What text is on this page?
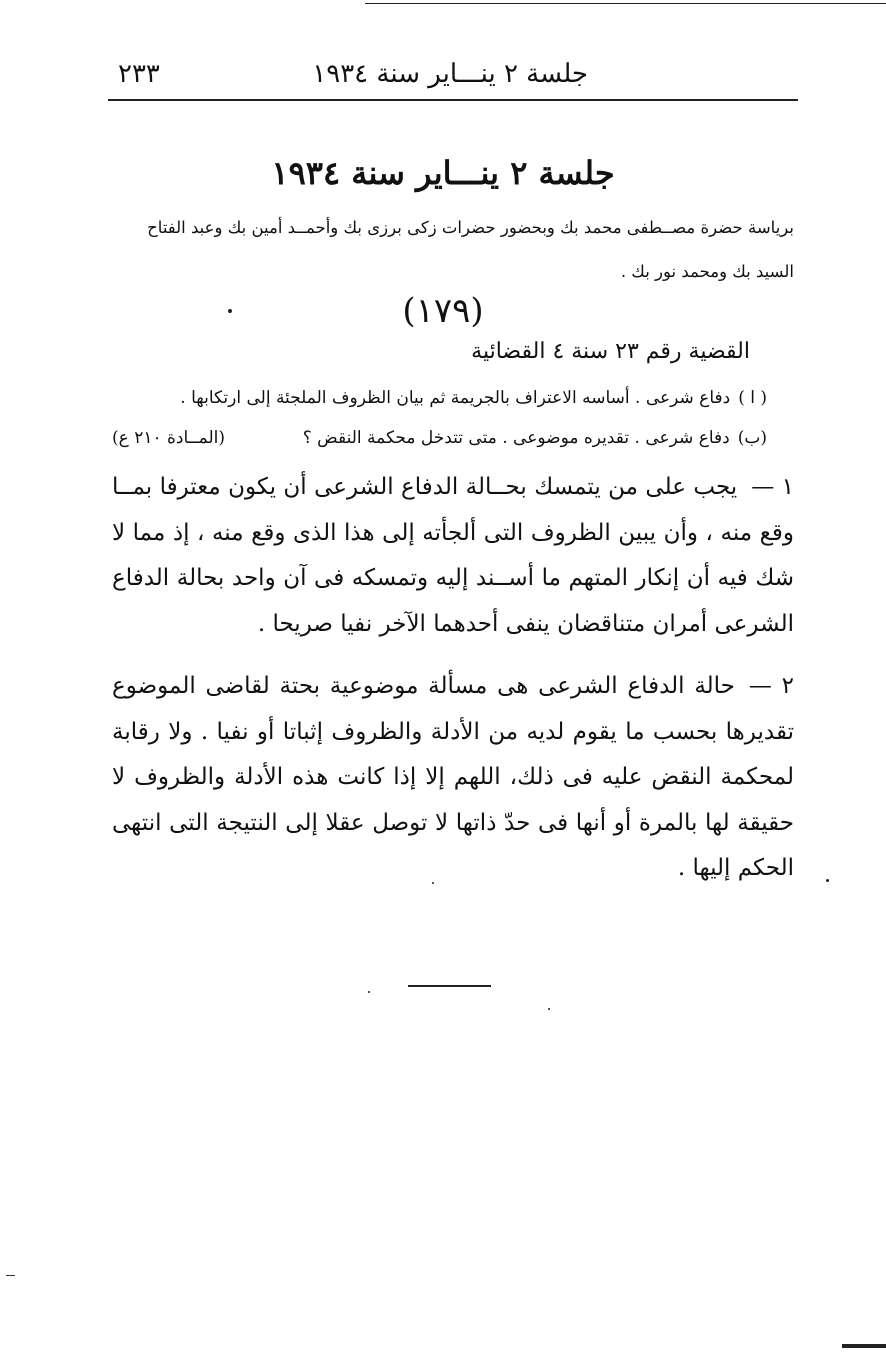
جلسة ٢ ينـــاير سنة ١٩٣٤
٢٣٣
جلسة ٢ ينـــاير سنة ١٩٣٤

برياسة حضرة مصــطفى محمد بك وبحضور حضرات زكى برزى بك وأحمــد أمين بك وعبد الفتاح السيد بك ومحمد نور بك .

(١٧٩)
القضية رقم ٢٣ سنة ٤ القضائية
( ا )دفاع شرعى . أساسه الاعتراف بالجريمة ثم بيان الظروف الملجئة إلى ارتكابها .
(ب)دفاع شرعى . تقديره موضوعى . متى تتدخل محكمة النقض ؟
(المــادة ٢١٠ ع)

١ —يجب على من يتمسك بحــالة الدفاع الشرعى أن يكون معترفا بمــا وقع منه ، وأن يبين الظروف التى ألجأته إلى هذا الذى وقع منه ، إذ مما لا شك فيه أن إنكار المتهم ما أســند إليه وتمسكه فى آن واحد بحالة الدفاع الشرعى أمران متناقضان ينفى أحدهما الآخر نفيا صريحا .

٢ —حالة الدفاع الشرعى هى مسألة موضوعية بحتة لقاضى الموضوع تقديرها بحسب ما يقوم لديه من الأدلة والظروف إثباتا أو نفيا . ولا رقابة لمحكمة النقض عليه فى ذلك، اللهم إلا إذا كانت هذه الأدلة والظروف لا حقيقة لها بالمرة أو أنها فى حدّ ذاتها لا توصل عقلا إلى النتيجة التى انتهى الحكم إليها .
